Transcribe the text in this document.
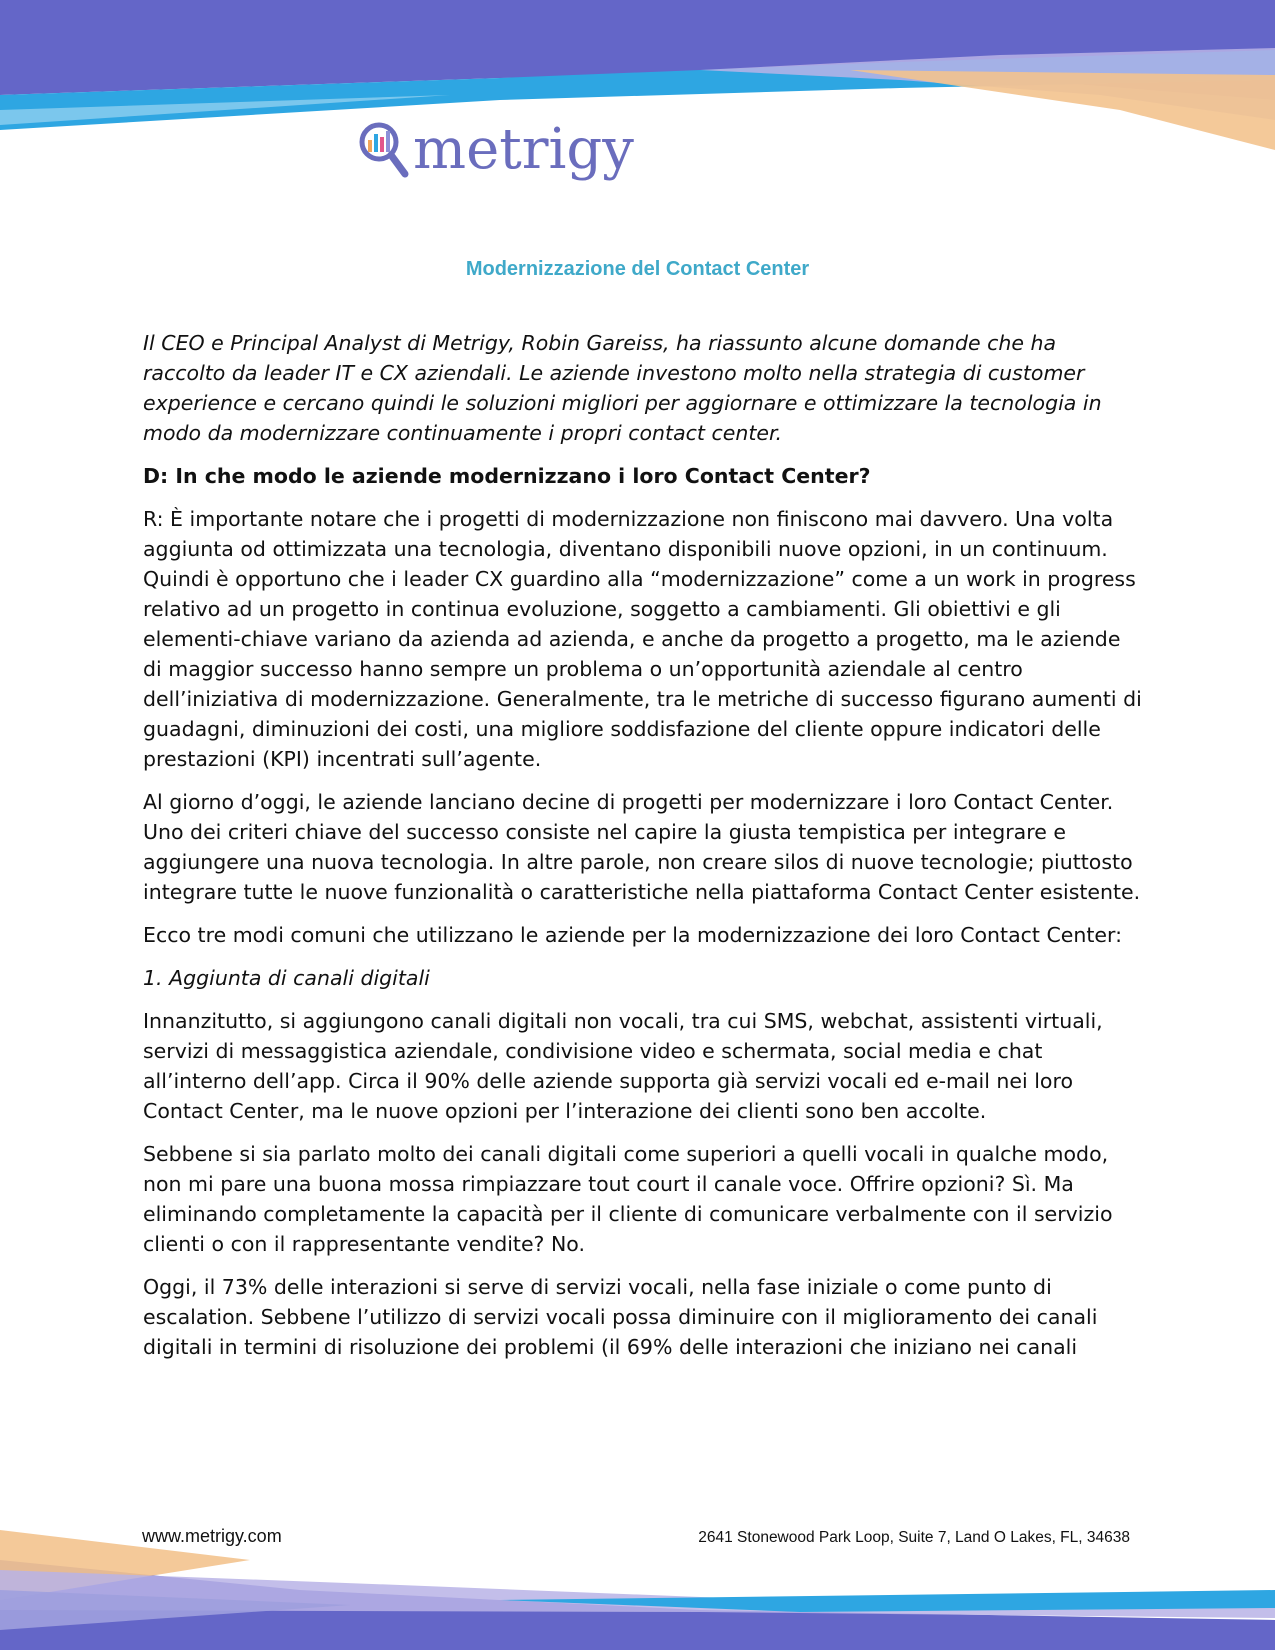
metrigy
Modernizzazione del Contact Center

Il CEO e Principal Analyst di Metrigy, Robin Gareiss, ha riassunto alcune domande che ha raccolto da leader IT e CX aziendali. Le aziende investono molto nella strategia di customer experience e cercano quindi le soluzioni migliori per aggiornare e ottimizzare la tecnologia in modo da modernizzare continuamente i propri contact center.

D: In che modo le aziende modernizzano i loro Contact Center?

R: È importante notare che i progetti di modernizzazione non finiscono mai davvero. Una volta aggiunta od ottimizzata una tecnologia, diventano disponibili nuove opzioni, in un continuum. Quindi è opportuno che i leader CX guardino alla “modernizzazione” come a un work in progress relativo ad un progetto in continua evoluzione, soggetto a cambiamenti. Gli obiettivi e gli elementi-chiave variano da azienda ad azienda, e anche da progetto a progetto, ma le aziende di maggior successo hanno sempre un problema o un’opportunità aziendale al centro dell’iniziativa di modernizzazione. Generalmente, tra le metriche di successo figurano aumenti di guadagni, diminuzioni dei costi, una migliore soddisfazione del cliente oppure indicatori delle prestazioni (KPI) incentrati sull’agente.

Al giorno d’oggi, le aziende lanciano decine di progetti per modernizzare i loro Contact Center. Uno dei criteri chiave del successo consiste nel capire la giusta tempistica per integrare e aggiungere una nuova tecnologia. In altre parole, non creare silos di nuove tecnologie; piuttosto integrare tutte le nuove funzionalità o caratteristiche nella piattaforma Contact Center esistente.

Ecco tre modi comuni che utilizzano le aziende per la modernizzazione dei loro Contact Center:

1. Aggiunta di canali digitali

Innanzitutto, si aggiungono canali digitali non vocali, tra cui SMS, webchat, assistenti virtuali, servizi di messaggistica aziendale, condivisione video e schermata, social media e chat all’interno dell’app. Circa il 90% delle aziende supporta già servizi vocali ed e-mail nei loro Contact Center, ma le nuove opzioni per l’interazione dei clienti sono ben accolte.

Sebbene si sia parlato molto dei canali digitali come superiori a quelli vocali in qualche modo, non mi pare una buona mossa rimpiazzare tout court il canale voce. Offrire opzioni? Sì. Ma eliminando completamente la capacità per il cliente di comunicare verbalmente con il servizio clienti o con il rappresentante vendite? No.

Oggi, il 73% delle interazioni si serve di servizi vocali, nella fase iniziale o come punto di escalation. Sebbene l’utilizzo di servizi vocali possa diminuire con il miglioramento dei canali digitali in termini di risoluzione dei problemi (il 69% delle interazioni che iniziano nei canali

www.metrigy.com	2641 Stonewood Park Loop, Suite 7, Land O Lakes, FL, 34638
